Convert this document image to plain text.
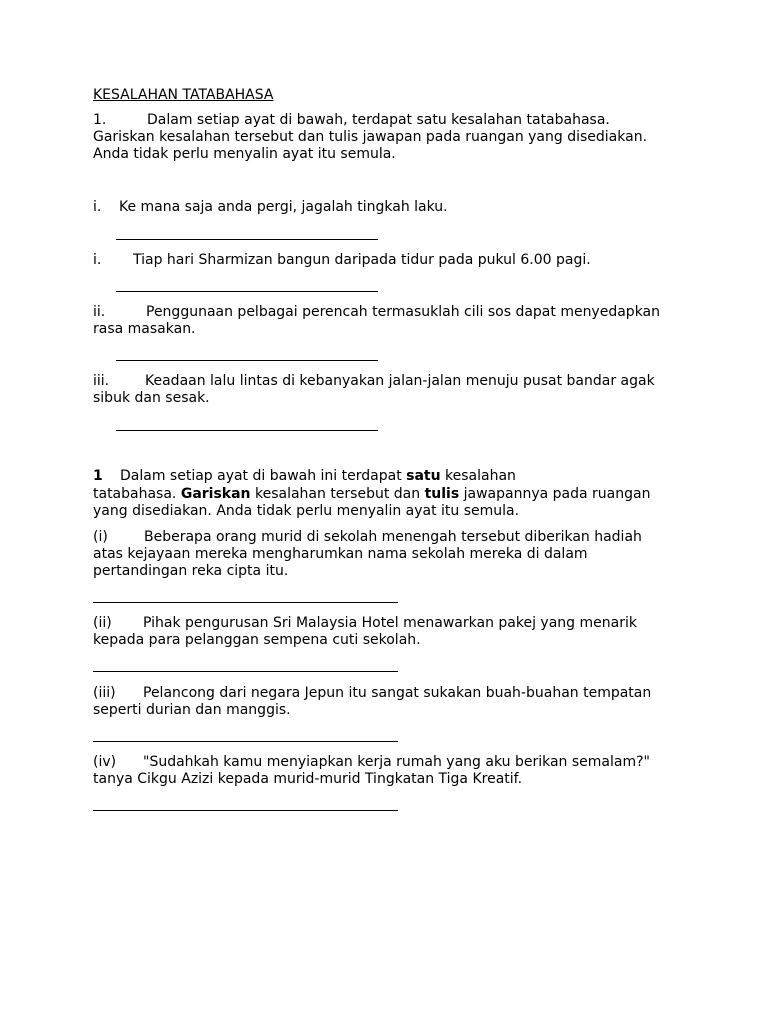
KESALAHAN TATABAHASA
1.	Dalam setiap ayat di bawah, terdapat satu kesalahan tatabahasa.
Gariskan kesalahan tersebut dan tulis jawapan pada ruangan yang disediakan.
Anda tidak perlu menyalin ayat itu semula.
i. Ke mana saja anda pergi, jagalah tingkah laku.
i. Tiap hari Sharmizan bangun daripada tidur pada pukul 6.00 pagi.
ii.	Penggunaan pelbagai perencah termasuklah cili sos dapat menyedapkan
rasa masakan.
iii.	Keadaan lalu lintas di kebanyakan jalan-jalan menuju pusat bandar agak
sibuk dan sesak.
1 Dalam setiap ayat di bawah ini terdapat satu kesalahan
tatabahasa. Gariskan kesalahan tersebut dan tulis jawapannya pada ruangan
yang disediakan. Anda tidak perlu menyalin ayat itu semula.
(i)	Beberapa orang murid di sekolah menengah tersebut diberikan hadiah
atas kejayaan mereka mengharumkan nama sekolah mereka di dalam
pertandingan reka cipta itu.
(ii) Pihak pengurusan Sri Malaysia Hotel menawarkan pakej yang menarik
kepada para pelanggan sempena cuti sekolah.
(iii) Pelancong dari negara Jepun itu sangat sukakan buah-buahan tempatan
seperti durian dan manggis.
(iv) "Sudahkah kamu menyiapkan kerja rumah yang aku berikan semalam?"
tanya Cikgu Azizi kepada murid-murid Tingkatan Tiga Kreatif.
